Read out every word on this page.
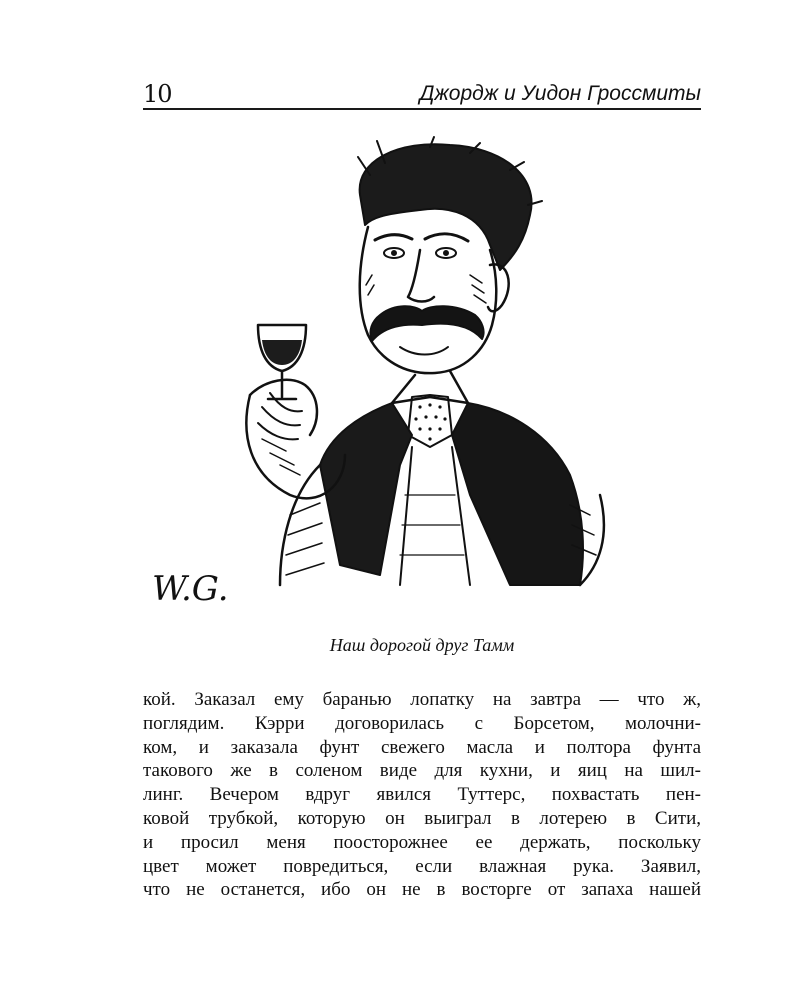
10	Джордж и Уидон Гроссмиты
W.G.
Наш дорогой друг Тамм
кой. Заказал ему баранью лопатку на завтра — что ж,
поглядим. Кэрри договорилась с Борсетом, молочни-
ком, и заказала фунт свежего масла и полтора фунта
такового же в соленом виде для кухни, и яиц на шил-
линг. Вечером вдруг явился Туттерс, похвастать пен-
ковой трубкой, которую он выиграл в лотерею в Сити,
и просил меня поосторожнее ее держать, поскольку
цвет может повредиться, если влажная рука. Заявил,
что не останется, ибо он не в восторге от запаха нашей
